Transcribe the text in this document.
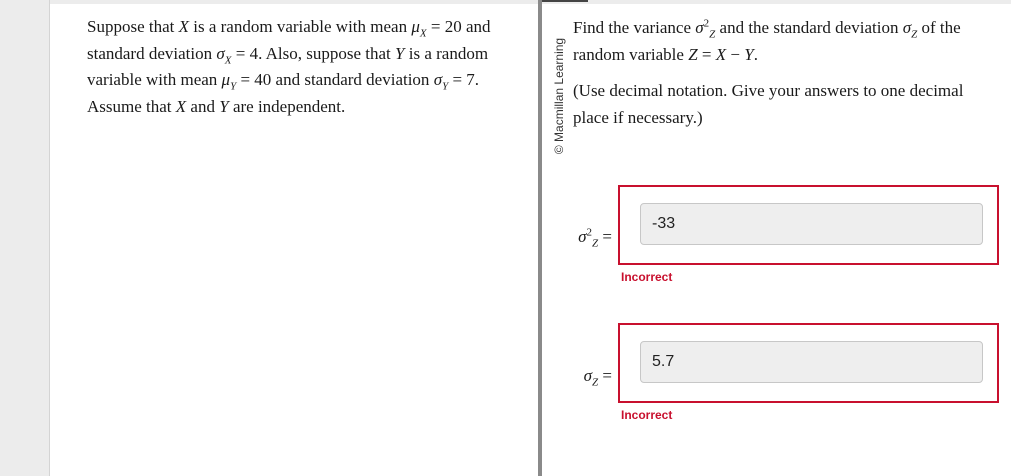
Suppose that X is a random variable with mean $\mu_X = 20$ and standard deviation $\sigma_X = 4$. Also, suppose that Y is a random variable with mean $\mu_Y = 40$ and standard deviation $\sigma_Y = 7$. Assume that X and Y are independent.	© Macmillan Learning

Find the variance $\sigma^2_Z$ and the standard deviation $\sigma_Z$ of the random variable Z = X − Y.

(Use decimal notation. Give your answers to one decimal place if necessary.)

$\sigma^2_Z$ =
-33
Incorrect
$\sigma_Z$ =
5.7
Incorrect
